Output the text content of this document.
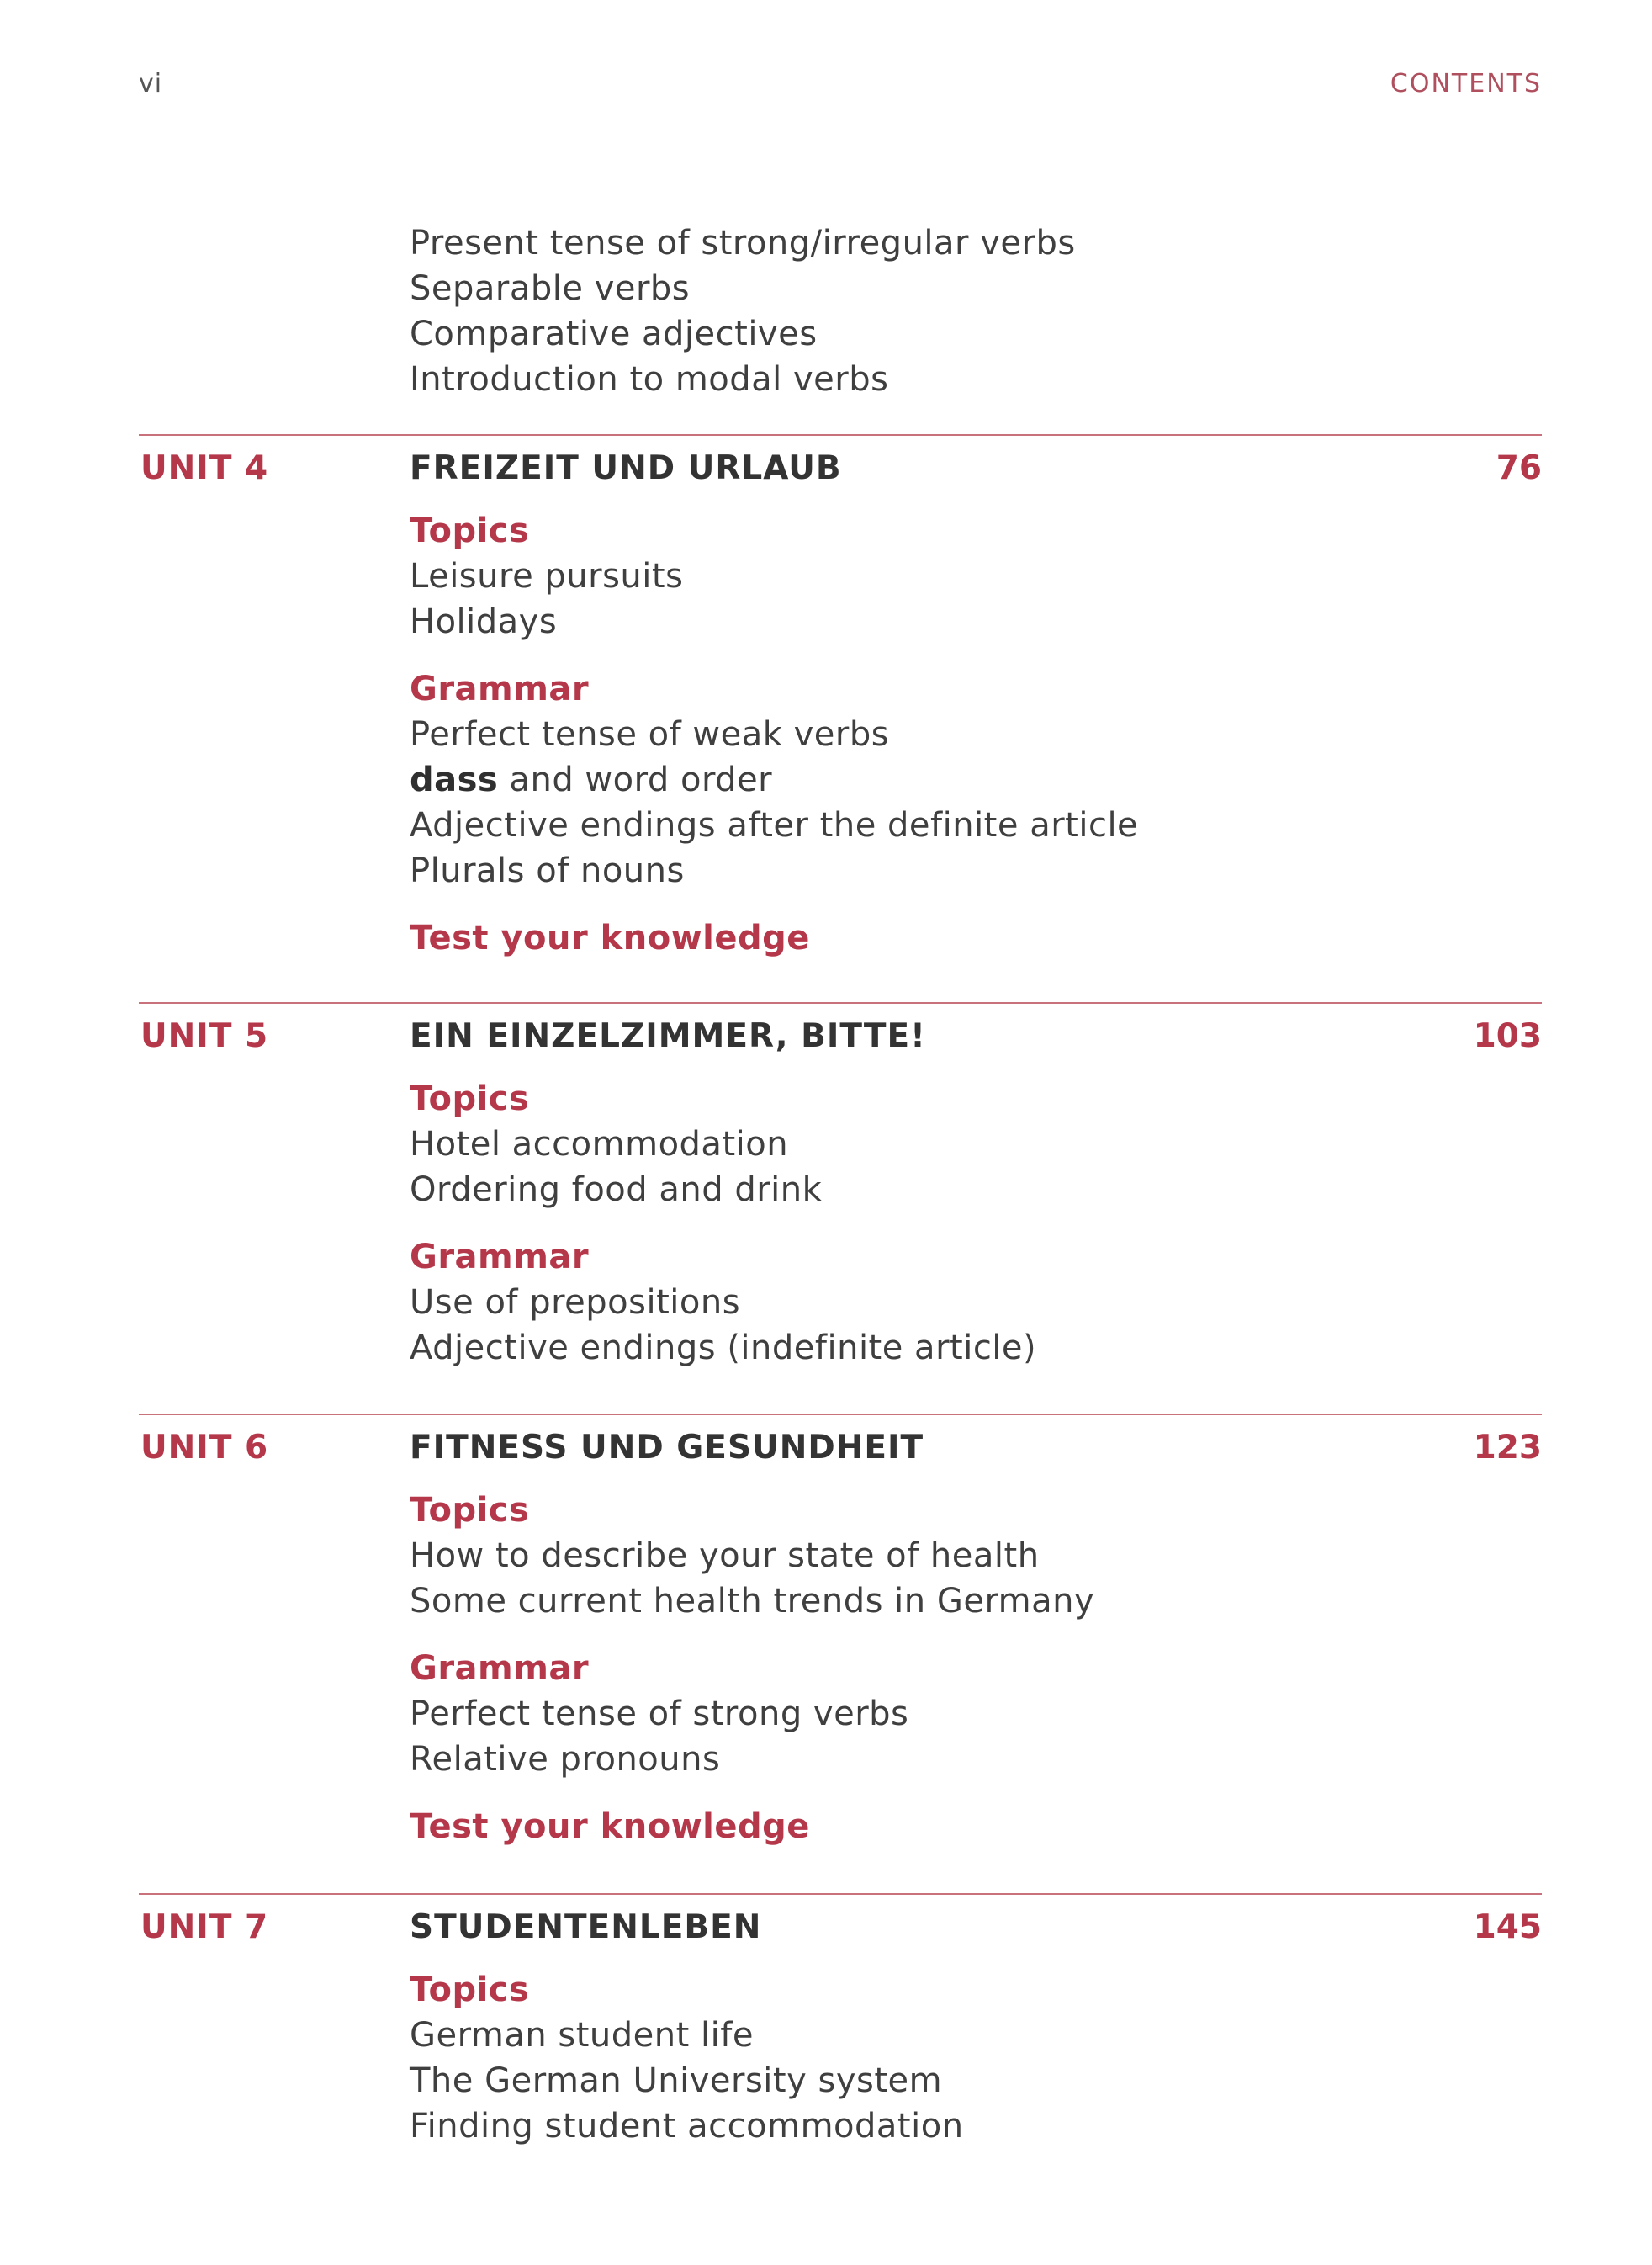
vi	CONTENTS
Present tense of strong/irregular verbs
Separable verbs
Comparative adjectives
Introduction to modal verbs
UNIT 4	FREIZEIT UND URLAUB	76
Topics
Leisure pursuits
Holidays
Grammar
Perfect tense of weak verbs
dass and word order
Adjective endings after the definite article
Plurals of nouns
Test your knowledge
UNIT 5	EIN EINZELZIMMER, BITTE!	103
Topics
Hotel accommodation
Ordering food and drink
Grammar
Use of prepositions
Adjective endings (indefinite article)
UNIT 6	FITNESS UND GESUNDHEIT	123
Topics
How to describe your state of health
Some current health trends in Germany
Grammar
Perfect tense of strong verbs
Relative pronouns
Test your knowledge
UNIT 7	STUDENTENLEBEN	145
Topics
German student life
The German University system
Finding student accommodation
